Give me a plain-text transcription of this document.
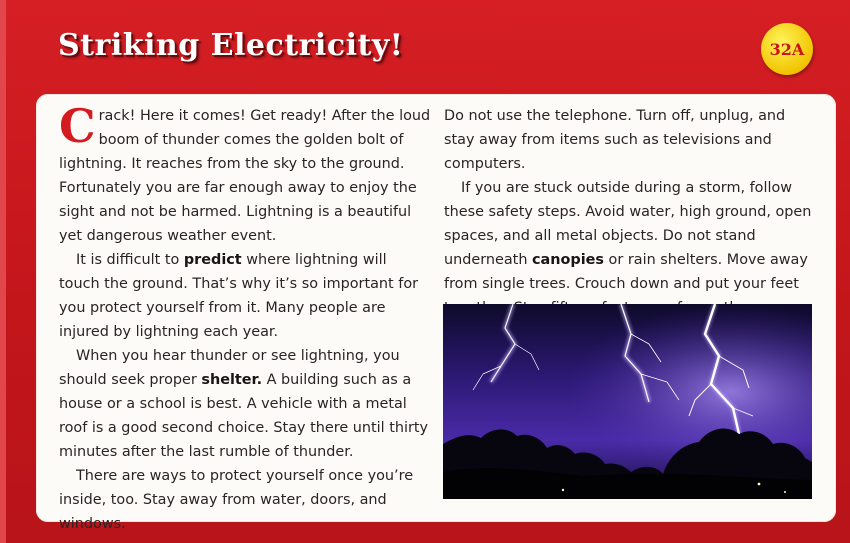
Striking Electricity!	32A

Crack! Here it comes! Get ready! After the loud boom of thunder comes the golden bolt of lightning. It reaches from the sky to the ground. Fortunately you are far enough away to enjoy the sight and not be harmed. Lightning is a beautiful yet dangerous weather event.

It is difficult to predict where lightning will touch the ground. That’s why it’s so important for you protect yourself from it. Many people are injured by lightning each year.

When you hear thunder or see lightning, you should seek proper shelter. A building such as a house or a school is best. A vehicle with a metal roof is a good second choice. Stay there until thirty minutes after the last rumble of thunder.

There are ways to protect yourself once you’re inside, too. Stay away from water, doors, and windows.

Do not use the telephone. Turn off, unplug, and stay away from items such as televisions and computers.

If you are stuck outside during a storm, follow these safety steps. Avoid water, high ground, open spaces, and all metal objects. Do not stand underneath canopies or rain shelters. Move away from single trees. Crouch down and put your feet
